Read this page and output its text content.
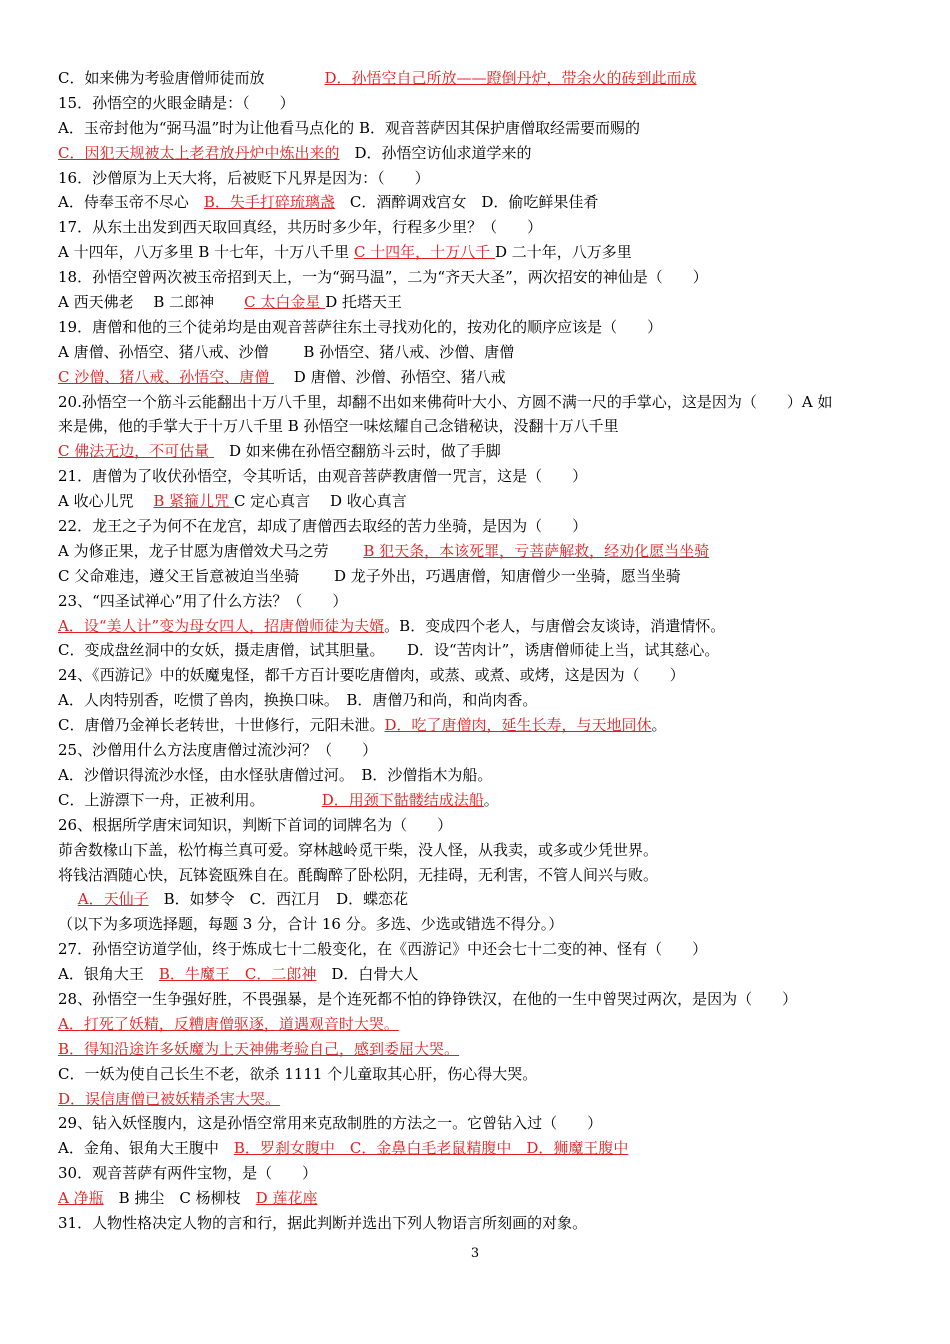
C．如来佛为考验唐僧师徒而放	D．孙悟空自己所放——蹬倒丹炉，带余火的砖到此而成
15．孙悟空的火眼金睛是：（　　）
A．玉帝封他为“弼马温”时为让他看马点化的 B．观音菩萨因其保护唐僧取经需要而赐的
C．因犯天规被太上老君放丹炉中炼出来的　D．孙悟空访仙求道学来的
16．沙僧原为上天大将，后被贬下凡界是因为：（　　）
A．侍奉玉帝不尽心　B．失手打碎琉璃盏　C．酒醉调戏宫女　D．偷吃鲜果佳肴
17．从东土出发到西天取回真经，共历时多少年，行程多少里？（　　）
A 十四年，八万多里 B 十七年，十万八千里 C 十四年，十万八千 D 二十年，八万多里
18．孙悟空曾两次被玉帝招到天上，一为“弼马温”，二为“齐天大圣”，两次招安的神仙是（　　）
A 西天佛老　 B 二郎神　　C 太白金星 D 托塔天王
19．唐僧和他的三个徒弟均是由观音菩萨往东土寻找劝化的，按劝化的顺序应该是（　　）
A 唐僧、孙悟空、猪八戒、沙僧　　 B 孙悟空、猪八戒、沙僧、唐僧
C 沙僧、猪八戒、孙悟空、唐僧 　 D 唐僧、沙僧、孙悟空、猪八戒
20.孙悟空一个筋斗云能翻出十万八千里，却翻不出如来佛荷叶大小、方圆不满一尺的手掌心，这是因为（　　）A 如
来是佛，他的手掌大于十万八千里 B 孙悟空一味炫耀自己念错秘诀，没翻十万八千里
C 佛法无边，不可估量 　D 如来佛在孙悟空翻筋斗云时，做了手脚
21．唐僧为了收伏孙悟空，令其听话，由观音菩萨教唐僧一咒言，这是（　　）
A 收心儿咒　 B 紧箍儿咒 C 定心真言　 D 收心真言
22．龙王之子为何不在龙宫，却成了唐僧西去取经的苦力坐骑，是因为（　　）
A 为修正果，龙子甘愿为唐僧效犬马之劳　　 B 犯天条，本该死罪，亏菩萨解救，经劝化愿当坐骑
C 父命难违，遵父王旨意被迫当坐骑　　 D 龙子外出，巧遇唐僧，知唐僧少一坐骑，愿当坐骑
23、“四圣试禅心”用了什么方法？（　　）
A．设“美人计”变为母女四人，招唐僧师徒为夫婿。B．变成四个老人，与唐僧会友谈诗，消遣情怀。
C．变成盘丝洞中的女妖，摄走唐僧，试其胆量。　　D．设“苦肉计”，诱唐僧师徒上当，试其慈心。
24、《西游记》中的妖魔鬼怪，都千方百计要吃唐僧肉，或蒸、或煮、或烤，这是因为（　　）
A．人肉特别香，吃惯了兽肉，换换口味。　B．唐僧乃和尚，和尚肉香。
C．唐僧乃金禅长老转世，十世修行，元阳未泄。D．吃了唐僧肉，延生长寿，与天地同休。
25、沙僧用什么方法度唐僧过流沙河？（　　）
A．沙僧识得流沙水怪，由水怪驮唐僧过河。　B．沙僧指木为船。
C．上游漂下一舟，正被利用。　　　　 D．用颈下骷髅结成法船。
26、根据所学唐宋词知识，判断下首词的词牌名为（　　）
茆舍数椽山下盖，松竹梅兰真可爱。穿林越岭觅干柴，没人怪，从我卖，或多或少凭世界。
将钱沽酒随心快，瓦钵瓷瓯殊自在。酕醄醉了卧松阴，无挂碍，无利害，不管人间兴与败。
　 A．天仙子　B．如梦令　C．西江月　D．蝶恋花
（以下为多项选择题，每题 3 分，合计 16 分。多选、少选或错选不得分。）
27．孙悟空访道学仙，终于炼成七十二般变化，在《西游记》中还会七十二变的神、怪有（　　）
A．银角大王　B．牛魔王　C．二郎神　D．白骨大人
28、孙悟空一生争强好胜，不畏强暴，是个连死都不怕的铮铮铁汉，在他的一生中曾哭过两次，是因为（　　）
A．打死了妖精，反糟唐僧驱逐，道遇观音时大哭。
B．得知沿途许多妖魔为上天神佛考验自己，感到委屈大哭。
C．一妖为使自己长生不老，欲杀 1111 个儿童取其心肝，伤心得大哭。
D．误信唐僧已被妖精杀害大哭。
29、钻入妖怪腹内，这是孙悟空常用来克敌制胜的方法之一。它曾钻入过（　　）
A．金角、银角大王腹中　B．罗刹女腹中　C．金鼻白毛老鼠精腹中　D．狮魔王腹中
30．观音菩萨有两件宝物，是（　　）
A 净瓶　B 拂尘　C 杨柳枝　D 莲花座
31．人物性格决定人物的言和行，据此判断并选出下列人物语言所刻画的对象。
3
